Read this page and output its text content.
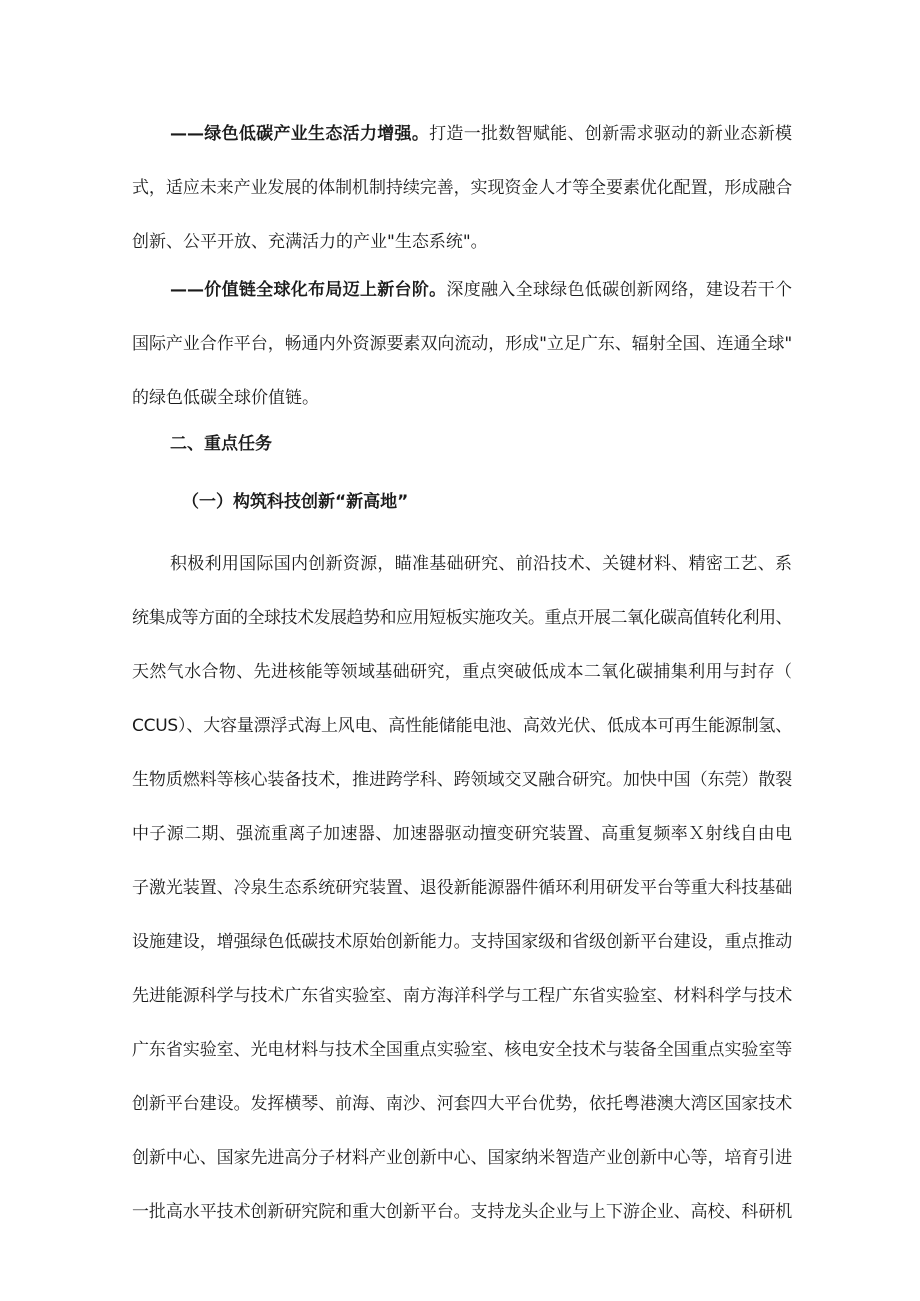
——绿色低碳产业生态活力增强。打造一批数智赋能、创新需求驱动的新业态新模
式，适应未来产业发展的体制机制持续完善，实现资金人才等全要素优化配置，形成融合
创新、公平开放、充满活力的产业"生态系统"。
——价值链全球化布局迈上新台阶。深度融入全球绿色低碳创新网络，建设若干个
国际产业合作平台，畅通内外资源要素双向流动，形成"立足广东、辐射全国、连通全球"
的绿色低碳全球价值链。
二、重点任务
（一）构筑科技创新“新高地”
积极利用国际国内创新资源，瞄准基础研究、前沿技术、关键材料、精密工艺、系
统集成等方面的全球技术发展趋势和应用短板实施攻关。重点开展二氧化碳高值转化利用、
天然气水合物、先进核能等领域基础研究，重点突破低成本二氧化碳捕集利用与封存（
CCUS）、大容量漂浮式海上风电、高性能储能电池、高效光伏、低成本可再生能源制氢、
生物质燃料等核心装备技术，推进跨学科、跨领域交叉融合研究。加快中国（东莞）散裂
中子源二期、强流重离子加速器、加速器驱动擅变研究装置、高重复频率Ｘ射线自由电
子激光装置、冷泉生态系统研究装置、退役新能源器件循环利用研发平台等重大科技基础
设施建设，增强绿色低碳技术原始创新能力。支持国家级和省级创新平台建设，重点推动
先进能源科学与技术广东省实验室、南方海洋科学与工程广东省实验室、材料科学与技术
广东省实验室、光电材料与技术全国重点实验室、核电安全技术与装备全国重点实验室等
创新平台建设。发挥横琴、前海、南沙、河套四大平台优势，依托粤港澳大湾区国家技术
创新中心、国家先进高分子材料产业创新中心、国家纳米智造产业创新中心等，培育引进
一批高水平技术创新研究院和重大创新平台。支持龙头企业与上下游企业、高校、科研机
